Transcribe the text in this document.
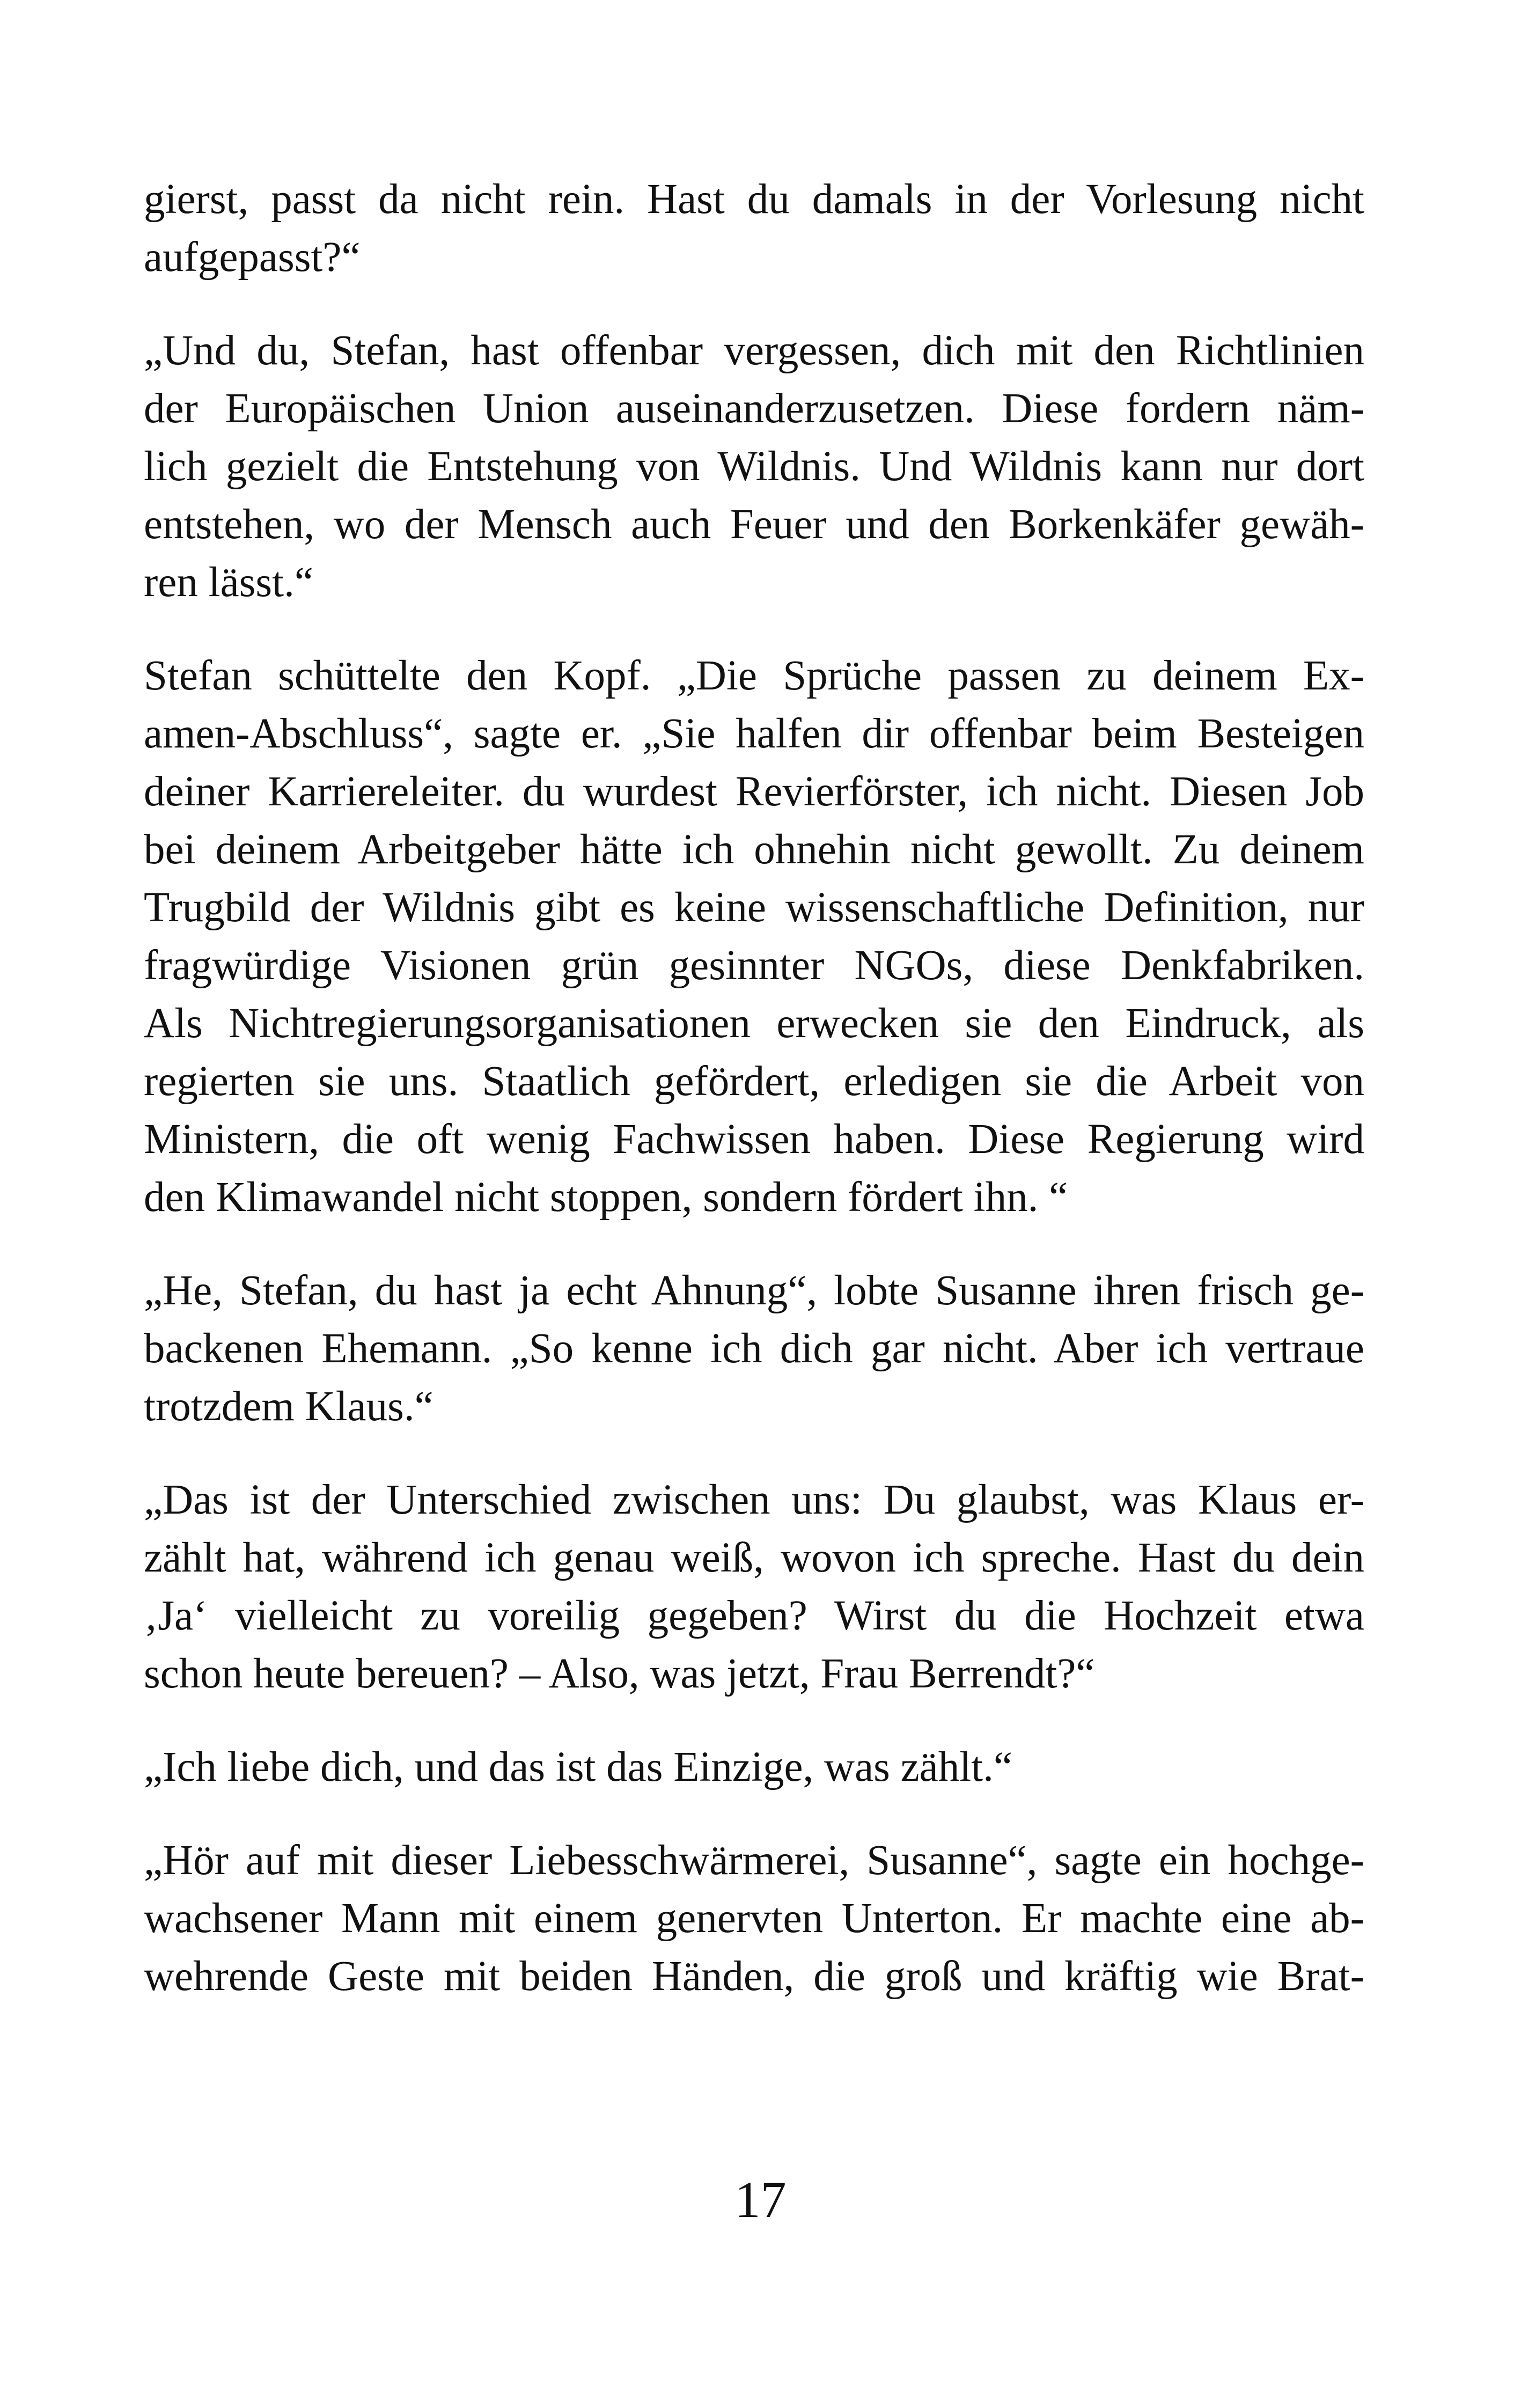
gierst, passt da nicht rein. Hast du damals in der Vorlesung nicht
aufgepasst?“

„Und du, Stefan, hast offenbar vergessen, dich mit den Richtlinien
der Europäischen Union auseinanderzusetzen. Diese fordern näm-
lich gezielt die Entstehung von Wildnis. Und Wildnis kann nur dort
entstehen, wo der Mensch auch Feuer und den Borkenkäfer gewäh-
ren lässt.“

Stefan schüttelte den Kopf. „Die Sprüche passen zu deinem Ex-
amen-Abschluss“, sagte er. „Sie halfen dir offenbar beim Besteigen
deiner Karriereleiter. du wurdest Revierförster, ich nicht. Diesen Job
bei deinem Arbeitgeber hätte ich ohnehin nicht gewollt. Zu deinem
Trugbild der Wildnis gibt es keine wissenschaftliche Definition, nur
fragwürdige Visionen grün gesinnter NGOs, diese Denkfabriken.
Als Nichtregierungsorganisationen erwecken sie den Eindruck, als
regierten sie uns. Staatlich gefördert, erledigen sie die Arbeit von
Ministern, die oft wenig Fachwissen haben. Diese Regierung wird
den Klimawandel nicht stoppen, sondern fördert ihn. “

„He, Stefan, du hast ja echt Ahnung“, lobte Susanne ihren frisch ge-
backenen Ehemann. „So kenne ich dich gar nicht. Aber ich vertraue
trotzdem Klaus.“

„Das ist der Unterschied zwischen uns: Du glaubst, was Klaus er-
zählt hat, während ich genau weiß, wovon ich spreche. Hast du dein
‚Ja‘ vielleicht zu voreilig gegeben? Wirst du die Hochzeit etwa
schon heute bereuen? – Also, was jetzt, Frau Berrendt?“

„Ich liebe dich, und das ist das Einzige, was zählt.“

„Hör auf mit dieser Liebesschwärmerei, Susanne“, sagte ein hochge-
wachsener Mann mit einem genervten Unterton. Er machte eine ab-
wehrende Geste mit beiden Händen, die groß und kräftig wie Brat-

17
